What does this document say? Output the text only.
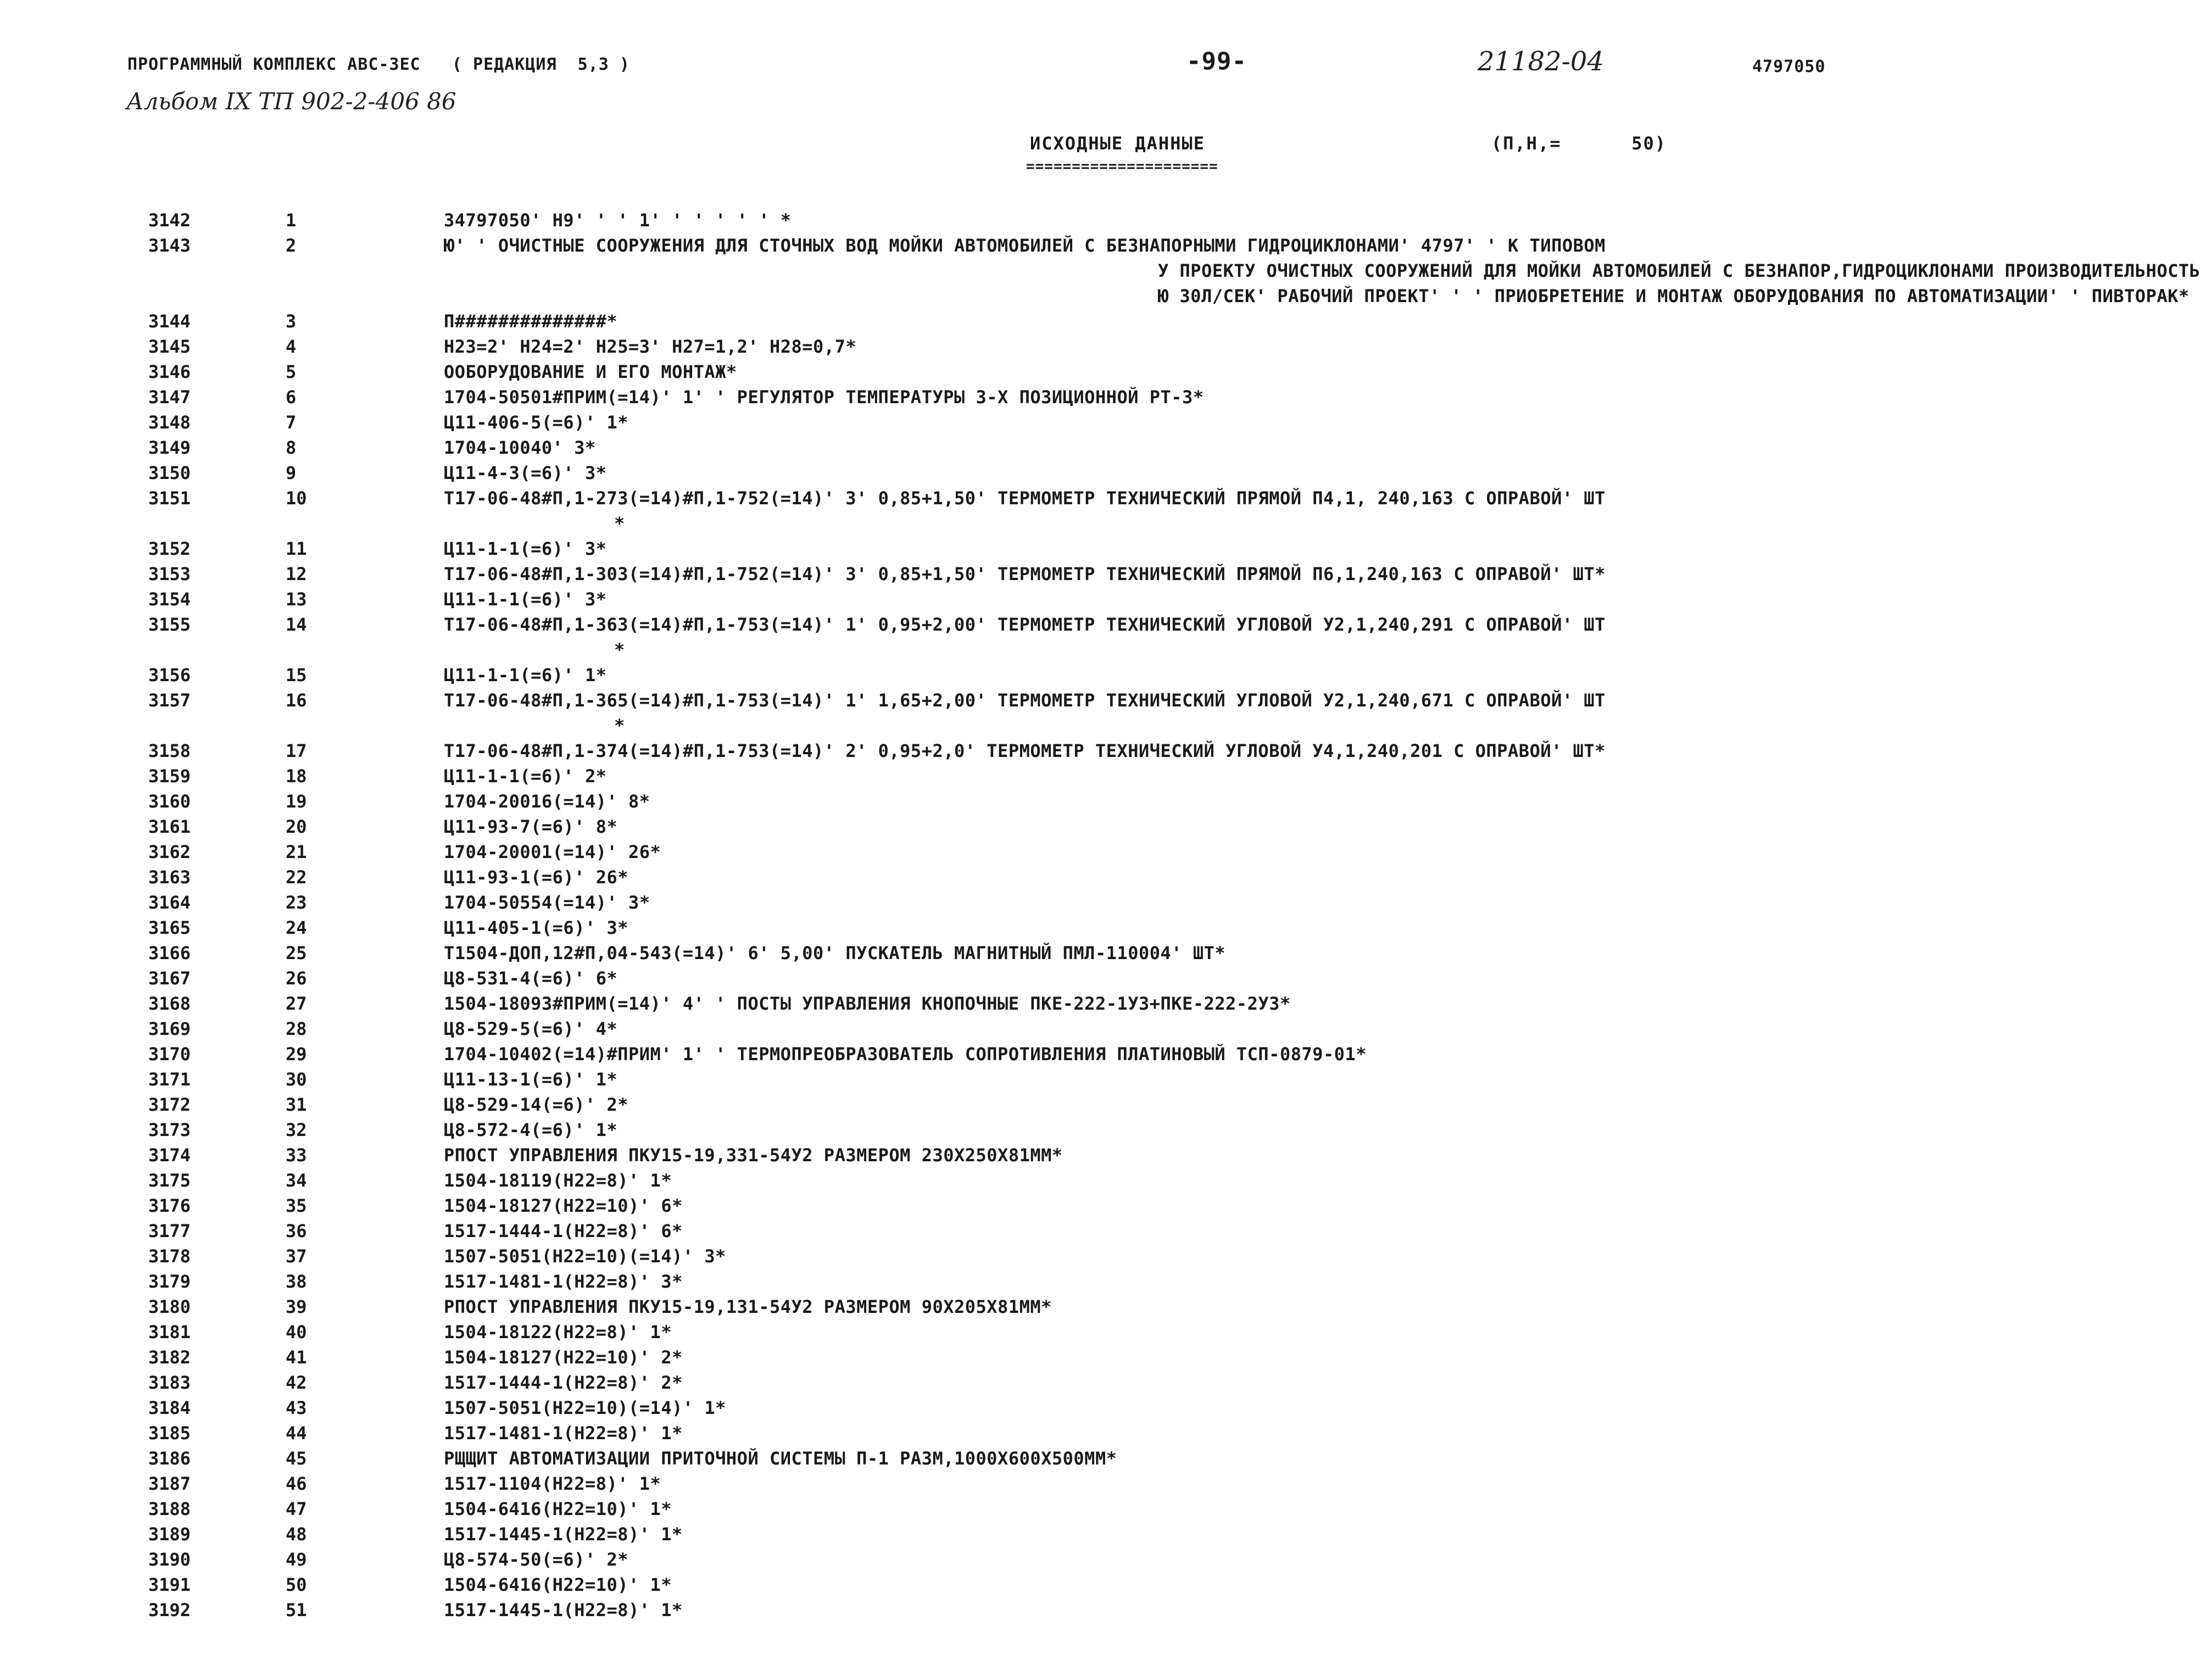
ПРОГРАММНЫЙ КОМПЛЕКС АВС-ЗЕС   ( РЕДАКЦИЯ  5,3 )
Альбом IX ТП 902-2-406 86
-99-	21182-04	4797050
ИСХОДНЫЕ ДАННЫЕ	(П,Н,=      50)
=====================
3142	1	34797050' Н9' ' ' 1' ' ' ' ' ' *
3143	2	Ю' ' ОЧИСТНЫЕ СООРУЖЕНИЯ ДЛЯ СТОЧНЫХ ВОД МОЙКИ АВТОМОБИЛЕЙ С БЕЗНАПОРНЫМИ ГИДРОЦИКЛОНАМИ' 4797' ' К ТИПОВОМ
У ПРОЕКТУ ОЧИСТНЫХ СООРУЖЕНИЙ ДЛЯ МОЙКИ АВТОМОБИЛЕЙ С БЕЗНАПОР,ГИДРОЦИКЛОНАМИ ПРОИЗВОДИТЕЛЬНОСТЬ
Ю 30Л/СЕК' РАБОЧИЙ ПРОЕКТ' ' ' ПРИОБРЕТЕНИЕ И МОНТАЖ ОБОРУДОВАНИЯ ПО АВТОМАТИЗАЦИИ' ' ПИВТОРАК*
3144	3	П##############*
3145	4	Н23=2' Н24=2' Н25=3' Н27=1,2' Н28=0,7*
3146	5	ООБОРУДОВАНИЕ И ЕГО МОНТАЖ*
3147	6	1704-50501#ПРИМ(=14)' 1' ' РЕГУЛЯТОР ТЕМПЕРАТУРЫ 3-Х ПОЗИЦИОННОЙ РТ-3*
3148	7	Ц11-406-5(=6)' 1*
3149	8	1704-10040' 3*
3150	9	Ц11-4-3(=6)' 3*
3151	10	Т17-06-48#П,1-273(=14)#П,1-752(=14)' 3' 0,85+1,50' ТЕРМОМЕТР ТЕХНИЧЕСКИЙ ПРЯМОЙ П4,1, 240,163 С ОПРАВОЙ' ШТ
*
3152	11	Ц11-1-1(=6)' 3*
3153	12	Т17-06-48#П,1-303(=14)#П,1-752(=14)' 3' 0,85+1,50' ТЕРМОМЕТР ТЕХНИЧЕСКИЙ ПРЯМОЙ П6,1,240,163 С ОПРАВОЙ' ШТ*
3154	13	Ц11-1-1(=6)' 3*
3155	14	Т17-06-48#П,1-363(=14)#П,1-753(=14)' 1' 0,95+2,00' ТЕРМОМЕТР ТЕХНИЧЕСКИЙ УГЛОВОЙ У2,1,240,291 С ОПРАВОЙ' ШТ
*
3156	15	Ц11-1-1(=6)' 1*
3157	16	Т17-06-48#П,1-365(=14)#П,1-753(=14)' 1' 1,65+2,00' ТЕРМОМЕТР ТЕХНИЧЕСКИЙ УГЛОВОЙ У2,1,240,671 С ОПРАВОЙ' ШТ
*
3158	17	Т17-06-48#П,1-374(=14)#П,1-753(=14)' 2' 0,95+2,0' ТЕРМОМЕТР ТЕХНИЧЕСКИЙ УГЛОВОЙ У4,1,240,201 С ОПРАВОЙ' ШТ*
3159	18	Ц11-1-1(=6)' 2*
3160	19	1704-20016(=14)' 8*
3161	20	Ц11-93-7(=6)' 8*
3162	21	1704-20001(=14)' 26*
3163	22	Ц11-93-1(=6)' 26*
3164	23	1704-50554(=14)' 3*
3165	24	Ц11-405-1(=6)' 3*
3166	25	Т1504-ДОП,12#П,04-543(=14)' 6' 5,00' ПУСКАТЕЛЬ МАГНИТНЫЙ ПМЛ-110004' ШТ*
3167	26	Ц8-531-4(=6)' 6*
3168	27	1504-18093#ПРИМ(=14)' 4' ' ПОСТЫ УПРАВЛЕНИЯ КНОПОЧНЫЕ ПКЕ-222-1У3+ПКЕ-222-2У3*
3169	28	Ц8-529-5(=6)' 4*
3170	29	1704-10402(=14)#ПРИМ' 1' ' ТЕРМОПРЕОБРАЗОВАТЕЛЬ СОПРОТИВЛЕНИЯ ПЛАТИНОВЫЙ ТСП-0879-01*
3171	30	Ц11-13-1(=6)' 1*
3172	31	Ц8-529-14(=6)' 2*
3173	32	Ц8-572-4(=6)' 1*
3174	33	РПОСТ УПРАВЛЕНИЯ ПКУ15-19,331-54У2 РАЗМЕРОМ 230Х250Х81ММ*
3175	34	1504-18119(Н22=8)' 1*
3176	35	1504-18127(Н22=10)' 6*
3177	36	1517-1444-1(Н22=8)' 6*
3178	37	1507-5051(Н22=10)(=14)' 3*
3179	38	1517-1481-1(Н22=8)' 3*
3180	39	РПОСТ УПРАВЛЕНИЯ ПКУ15-19,131-54У2 РАЗМЕРОМ 90Х205Х81ММ*
3181	40	1504-18122(Н22=8)' 1*
3182	41	1504-18127(Н22=10)' 2*
3183	42	1517-1444-1(Н22=8)' 2*
3184	43	1507-5051(Н22=10)(=14)' 1*
3185	44	1517-1481-1(Н22=8)' 1*
3186	45	РЩЩИТ АВТОМАТИЗАЦИИ ПРИТОЧНОЙ СИСТЕМЫ П-1 РАЗМ,1000Х600Х500ММ*
3187	46	1517-1104(Н22=8)' 1*
3188	47	1504-6416(Н22=10)' 1*
3189	48	1517-1445-1(Н22=8)' 1*
3190	49	Ц8-574-50(=6)' 2*
3191	50	1504-6416(Н22=10)' 1*
3192	51	1517-1445-1(Н22=8)' 1*
